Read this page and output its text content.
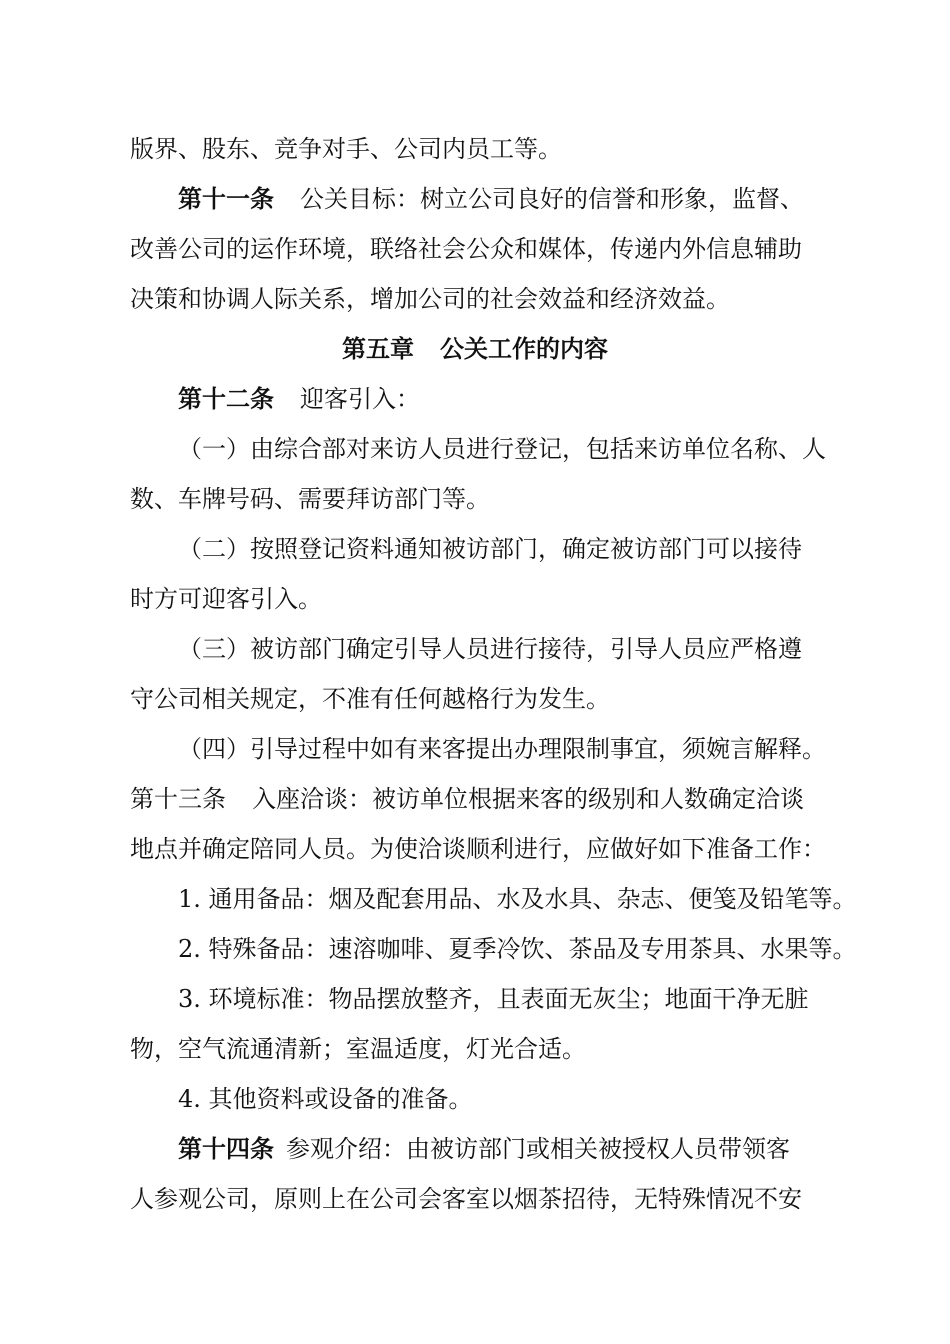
版界、股东、竞争对手、公司内员工等。
第十一条 公关目标：树立公司良好的信誉和形象，监督、
改善公司的运作环境，联络社会公众和媒体，传递内外信息辅助
决策和协调人际关系，增加公司的社会效益和经济效益。
第五章 公关工作的内容
第十二条 迎客引入：
（一）由综合部对来访人员进行登记，包括来访单位名称、人
数、车牌号码、需要拜访部门等。
（二）按照登记资料通知被访部门，确定被访部门可以接待
时方可迎客引入。
（三）被访部门确定引导人员进行接待，引导人员应严格遵
守公司相关规定，不准有任何越格行为发生。
（四）引导过程中如有来客提出办理限制事宜，须婉言解释。
第十三条 入座洽谈：被访单位根据来客的级别和人数确定洽谈
地点并确定陪同人员。为使洽谈顺利进行，应做好如下准备工作：
1. 通用备品：烟及配套用品、水及水具、杂志、便笺及铅笔等。
2. 特殊备品：速溶咖啡、夏季冷饮、茶品及专用茶具、水果等。
3. 环境标准：物品摆放整齐，且表面无灰尘；地面干净无脏
物，空气流通清新；室温适度，灯光合适。
4. 其他资料或设备的准备。
第十四条 参观介绍：由被访部门或相关被授权人员带领客
人参观公司，原则上在公司会客室以烟茶招待，无特殊情况不安
